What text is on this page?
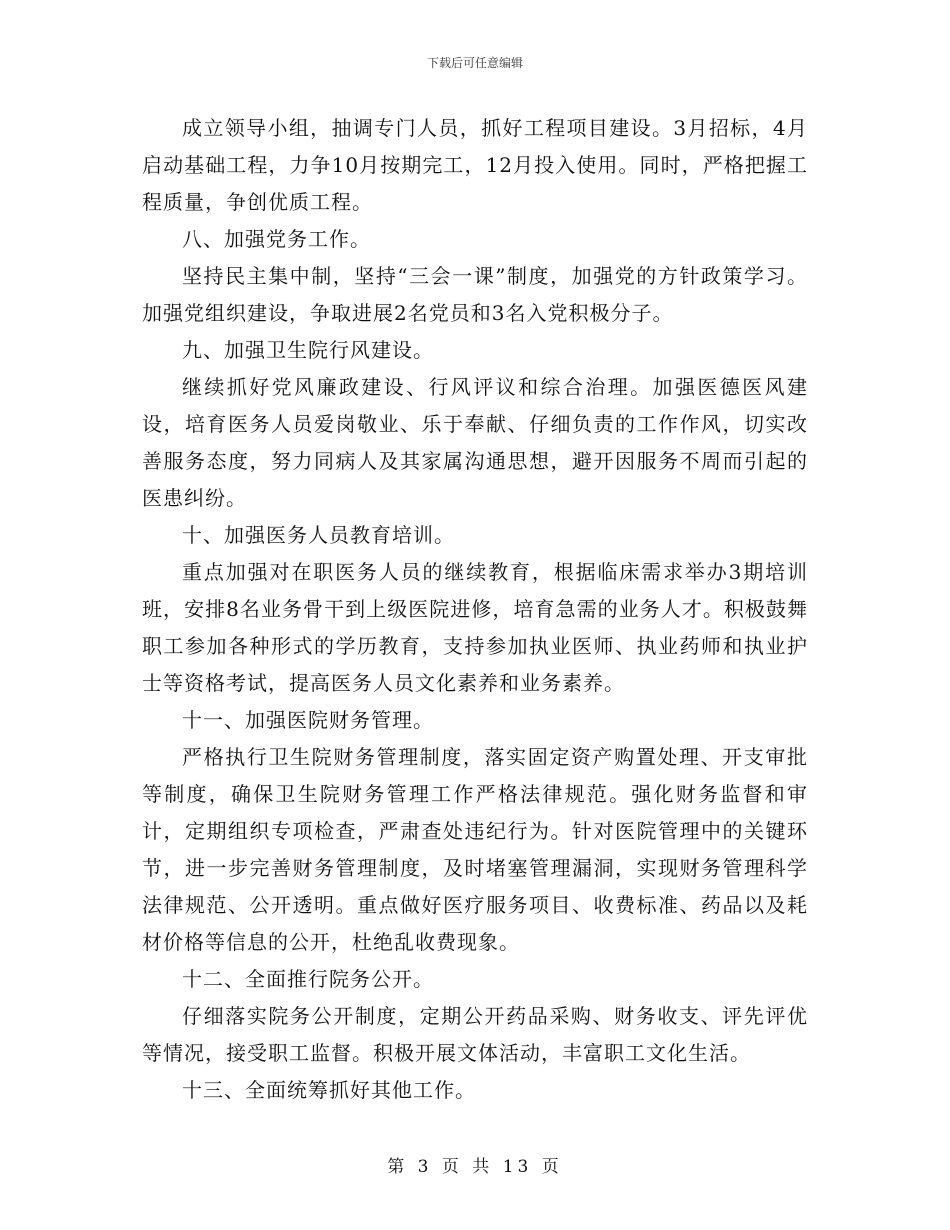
下载后可任意编辑

成立领导小组，抽调专门人员，抓好工程项目建设。3月招标，4月启动基础工程，力争10月按期完工，12月投入使用。同时，严格把握工程质量，争创优质工程。

八、加强党务工作。

坚持民主集中制，坚持“三会一课”制度，加强党的方针政策学习。加强党组织建设，争取进展2名党员和3名入党积极分子。

九、加强卫生院行风建设。

继续抓好党风廉政建设、行风评议和综合治理。加强医德医风建设，培育医务人员爱岗敬业、乐于奉献、仔细负责的工作作风，切实改善服务态度，努力同病人及其家属沟通思想，避开因服务不周而引起的医患纠纷。

十、加强医务人员教育培训。

重点加强对在职医务人员的继续教育，根据临床需求举办3期培训班，安排8名业务骨干到上级医院进修，培育急需的业务人才。积极鼓舞职工参加各种形式的学历教育，支持参加执业医师、执业药师和执业护士等资格考试，提高医务人员文化素养和业务素养。

十一、加强医院财务管理。

严格执行卫生院财务管理制度，落实固定资产购置处理、开支审批等制度，确保卫生院财务管理工作严格法律规范。强化财务监督和审计，定期组织专项检查，严肃查处违纪行为。针对医院管理中的关键环节，进一步完善财务管理制度，及时堵塞管理漏洞，实现财务管理科学法律规范、公开透明。重点做好医疗服务项目、收费标准、药品以及耗材价格等信息的公开，杜绝乱收费现象。

十二、全面推行院务公开。

仔细落实院务公开制度，定期公开药品采购、财务收支、评先评优等情况，接受职工监督。积极开展文体活动，丰富职工文化生活。

十三、全面统筹抓好其他工作。

第 3 页 共 13 页
